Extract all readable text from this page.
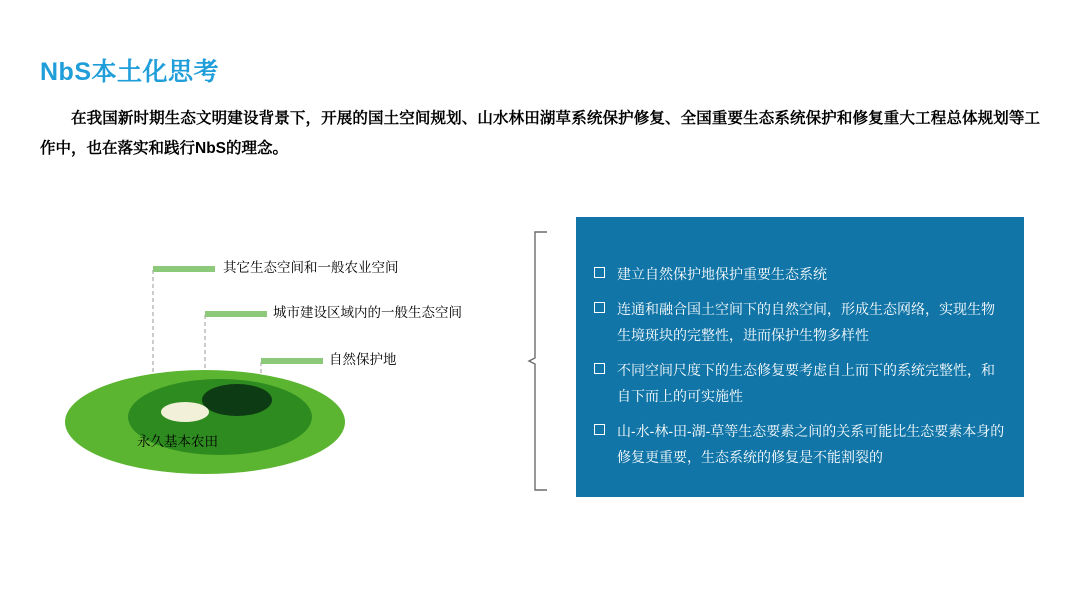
NbS本土化思考
在我国新时期生态文明建设背景下，开展的国土空间规划、山水林田湖草系统保护修复、全国重要生态系统保护和修复重大工程总体规划等工作中，也在落实和践行NbS的理念。
其它生态空间和一般农业空间
城市建设区域内的一般生态空间
自然保护地
永久基本农田
建立自然保护地保护重要生态系统
连通和融合国土空间下的自然空间，形成生态网络，实现生物生境斑块的完整性，进而保护生物多样性
不同空间尺度下的生态修复要考虑自上而下的系统完整性，和自下而上的可实施性
山-水-林-田-湖-草等生态要素之间的关系可能比生态要素本身的修复更重要，生态系统的修复是不能割裂的
